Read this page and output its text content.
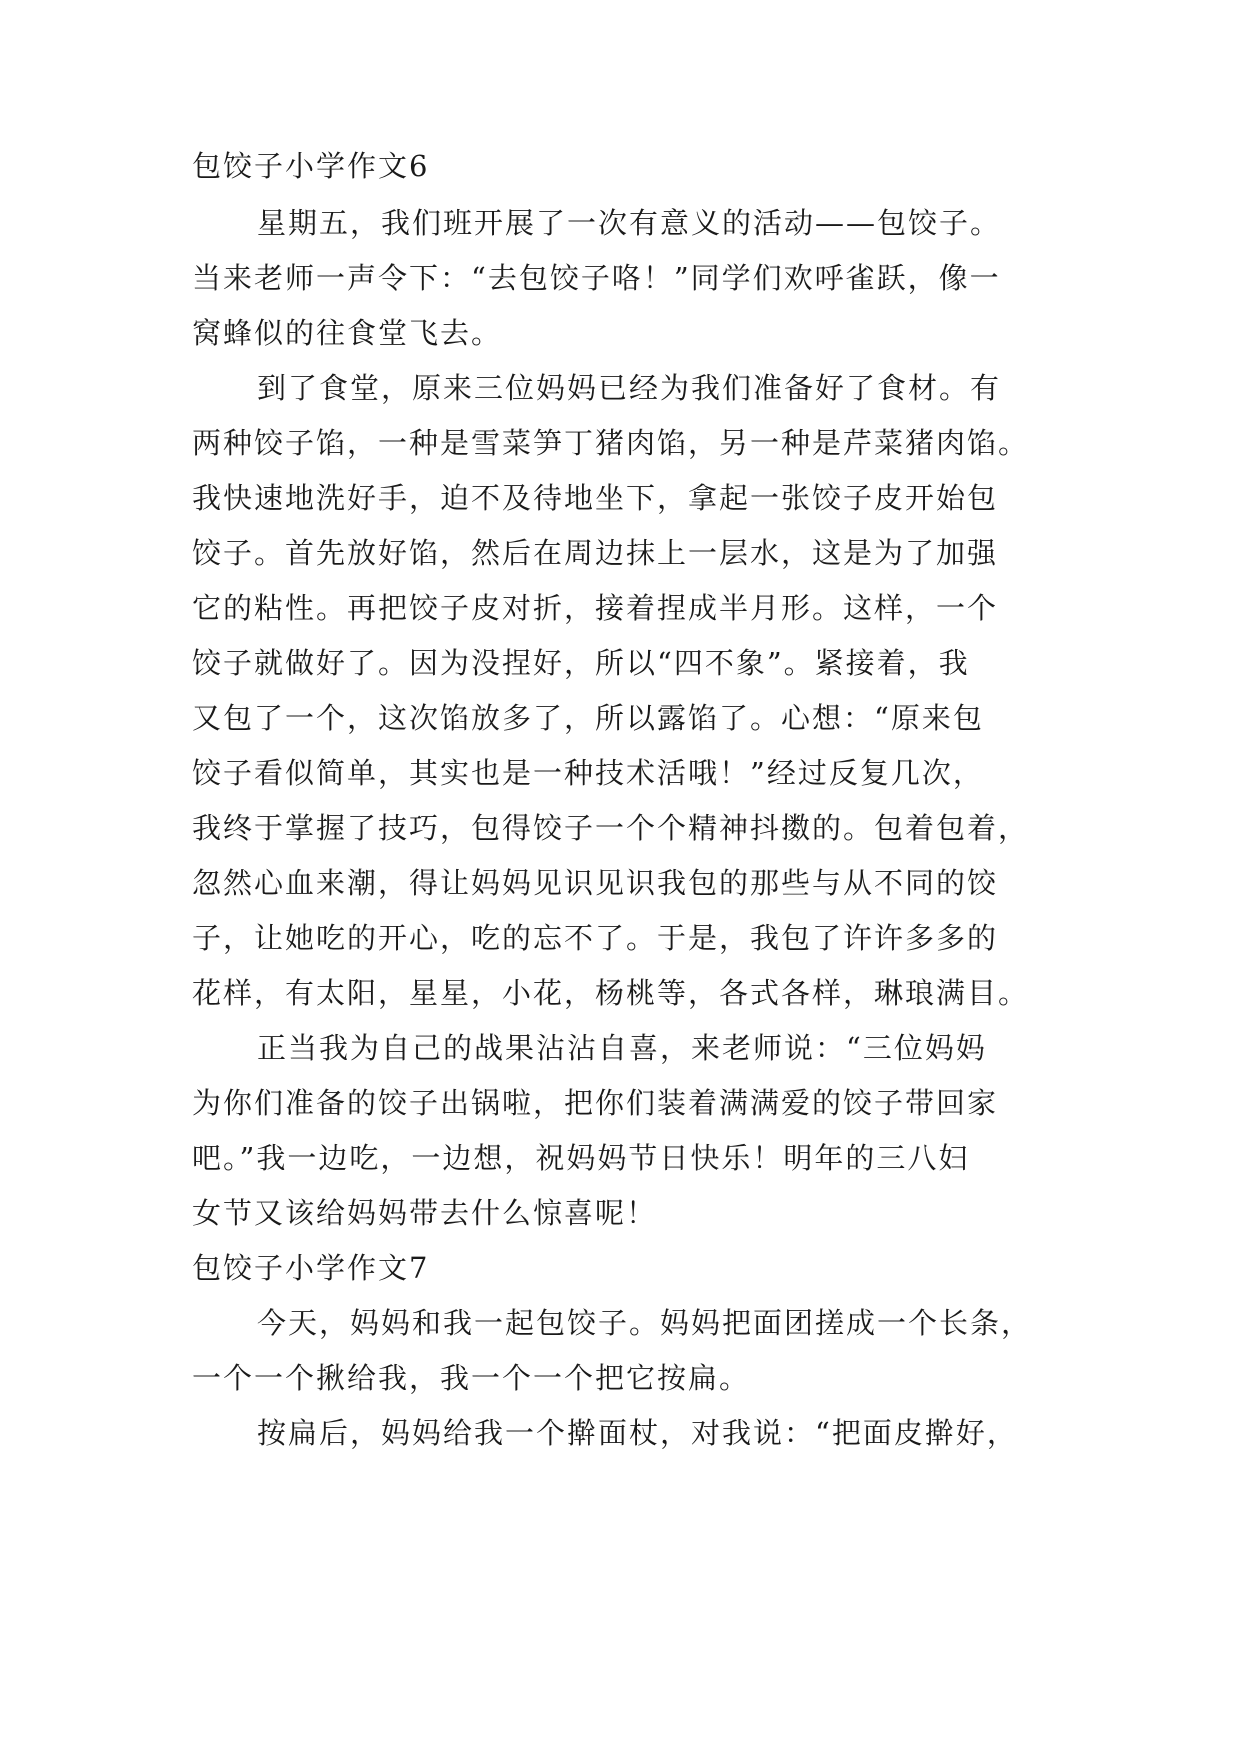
包饺子小学作文6
星期五，我们班开展了一次有意义的活动——包饺子。
当来老师一声令下：“去包饺子咯！”同学们欢呼雀跃，像一
窝蜂似的往食堂飞去。
到了食堂，原来三位妈妈已经为我们准备好了食材。有
两种饺子馅，一种是雪菜笋丁猪肉馅，另一种是芹菜猪肉馅。
我快速地洗好手，迫不及待地坐下，拿起一张饺子皮开始包
饺子。首先放好馅，然后在周边抹上一层水，这是为了加强
它的粘性。再把饺子皮对折，接着捏成半月形。这样，一个
饺子就做好了。因为没捏好，所以“四不象”。紧接着，我
又包了一个，这次馅放多了，所以露馅了。心想：“原来包
饺子看似简单，其实也是一种技术活哦！”经过反复几次，
我终于掌握了技巧，包得饺子一个个精神抖擞的。包着包着，
忽然心血来潮，得让妈妈见识见识我包的那些与从不同的饺
子，让她吃的开心，吃的忘不了。于是，我包了许许多多的
花样，有太阳，星星，小花，杨桃等，各式各样，琳琅满目。
正当我为自己的战果沾沾自喜，来老师说：“三位妈妈
为你们准备的饺子出锅啦，把你们装着满满爱的饺子带回家
吧。”我一边吃，一边想，祝妈妈节日快乐！明年的三八妇
女节又该给妈妈带去什么惊喜呢！
包饺子小学作文7
今天，妈妈和我一起包饺子。妈妈把面团搓成一个长条，
一个一个揪给我，我一个一个把它按扁。
按扁后，妈妈给我一个擀面杖，对我说：“把面皮擀好，
